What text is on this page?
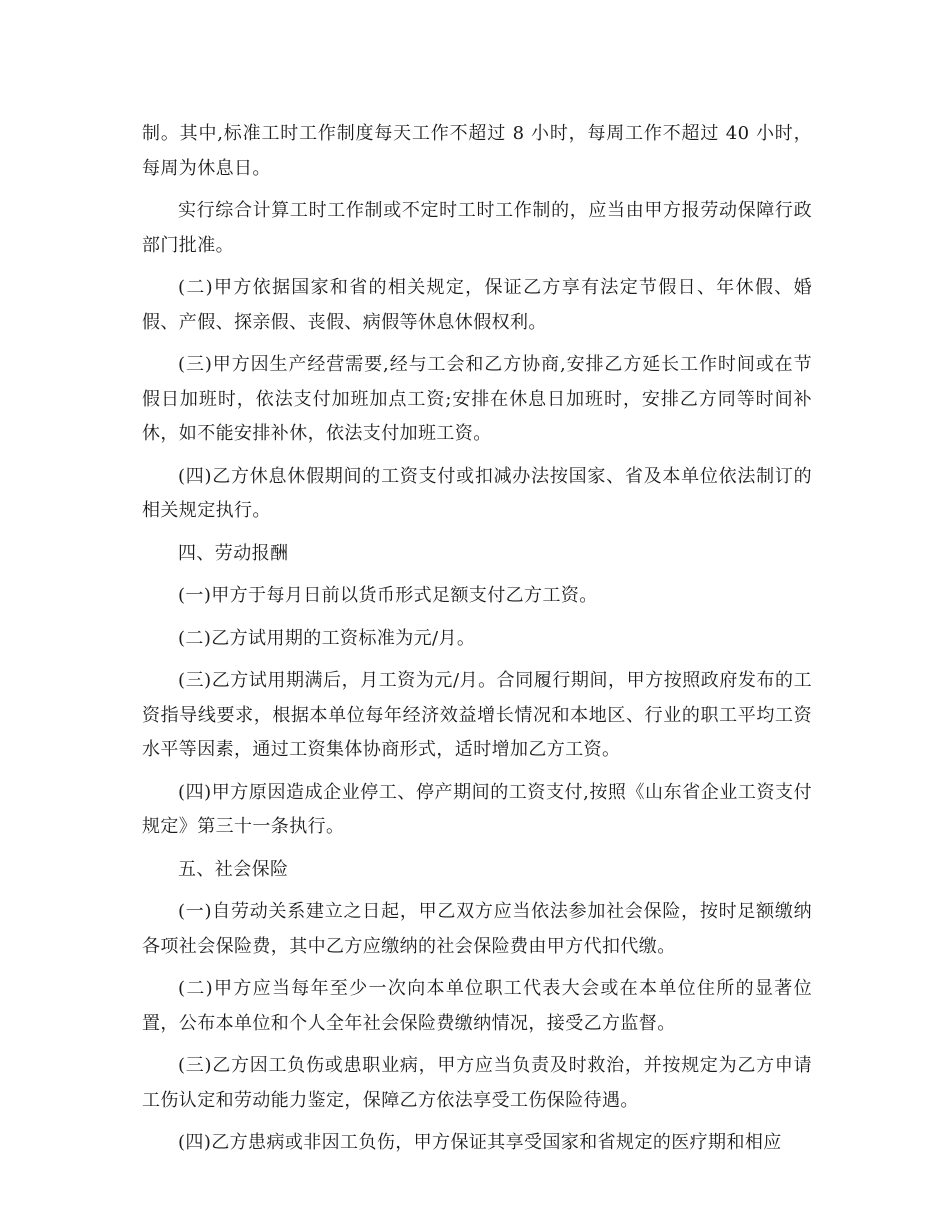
制。其中,标准工时工作制度每天工作不超过 8 小时，每周工作不超过 40 小时，每周为休息日。

实行综合计算工时工作制或不定时工时工作制的，应当由甲方报劳动保障行政部门批准。

(二)甲方依据国家和省的相关规定，保证乙方享有法定节假日、年休假、婚假、产假、探亲假、丧假、病假等休息休假权利。

(三)甲方因生产经营需要,经与工会和乙方协商,安排乙方延长工作时间或在节假日加班时，依法支付加班加点工资;安排在休息日加班时，安排乙方同等时间补休，如不能安排补休，依法支付加班工资。

(四)乙方休息休假期间的工资支付或扣减办法按国家、省及本单位依法制订的相关规定执行。

四、劳动报酬

(一)甲方于每月日前以货币形式足额支付乙方工资。

(二)乙方试用期的工资标准为元/月。

(三)乙方试用期满后，月工资为元/月。合同履行期间，甲方按照政府发布的工资指导线要求，根据本单位每年经济效益增长情况和本地区、行业的职工平均工资水平等因素，通过工资集体协商形式，适时增加乙方工资。

(四)甲方原因造成企业停工、停产期间的工资支付,按照《山东省企业工资支付规定》第三十一条执行。

五、社会保险

(一)自劳动关系建立之日起，甲乙双方应当依法参加社会保险，按时足额缴纳各项社会保险费，其中乙方应缴纳的社会保险费由甲方代扣代缴。

(二)甲方应当每年至少一次向本单位职工代表大会或在本单位住所的显著位置，公布本单位和个人全年社会保险费缴纳情况，接受乙方监督。

(三)乙方因工负伤或患职业病，甲方应当负责及时救治，并按规定为乙方申请工伤认定和劳动能力鉴定，保障乙方依法享受工伤保险待遇。

(四)乙方患病或非因工负伤，甲方保证其享受国家和省规定的医疗期和相应
